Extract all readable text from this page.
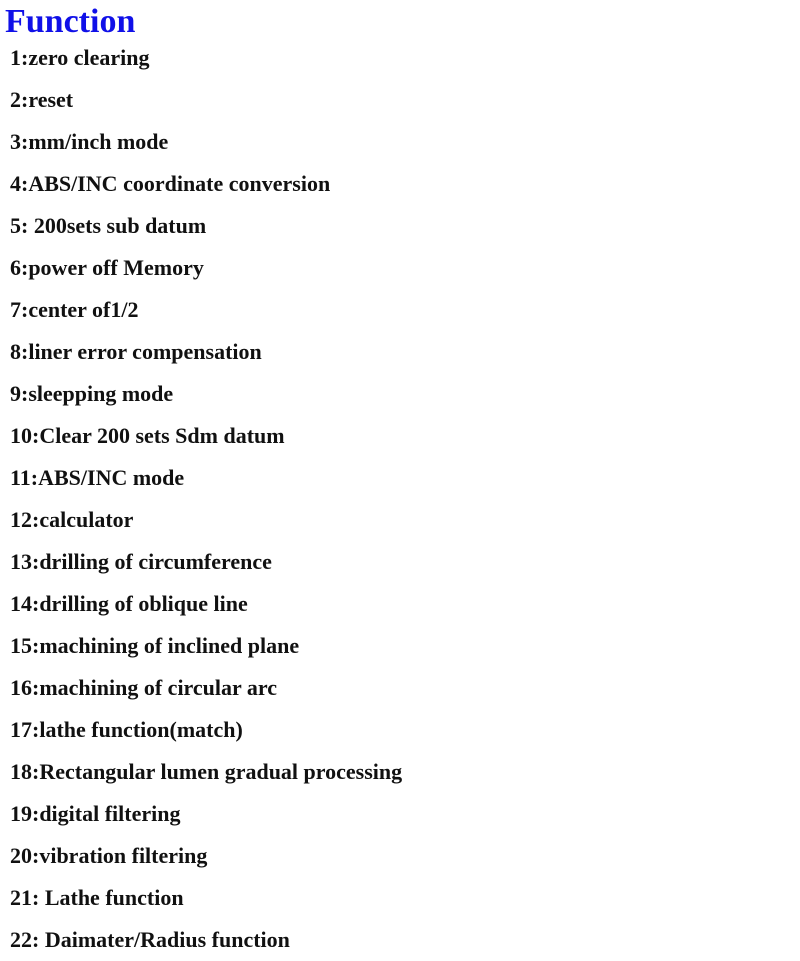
Function
1:zero clearing
2:reset
3:mm/inch mode
4:ABS/INC coordinate conversion
5: 200sets sub datum
6:power off Memory
7:center of1/2
8:liner error compensation
9:sleepping mode
10:Clear 200 sets Sdm datum
11:ABS/INC mode
12:calculator
13:drilling of circumference
14:drilling of oblique line
15:machining of inclined plane
16:machining of circular arc
17:lathe function(match)
18:Rectangular lumen gradual processing
19:digital filtering
20:vibration filtering
21: Lathe function
22: Daimater/Radius function
